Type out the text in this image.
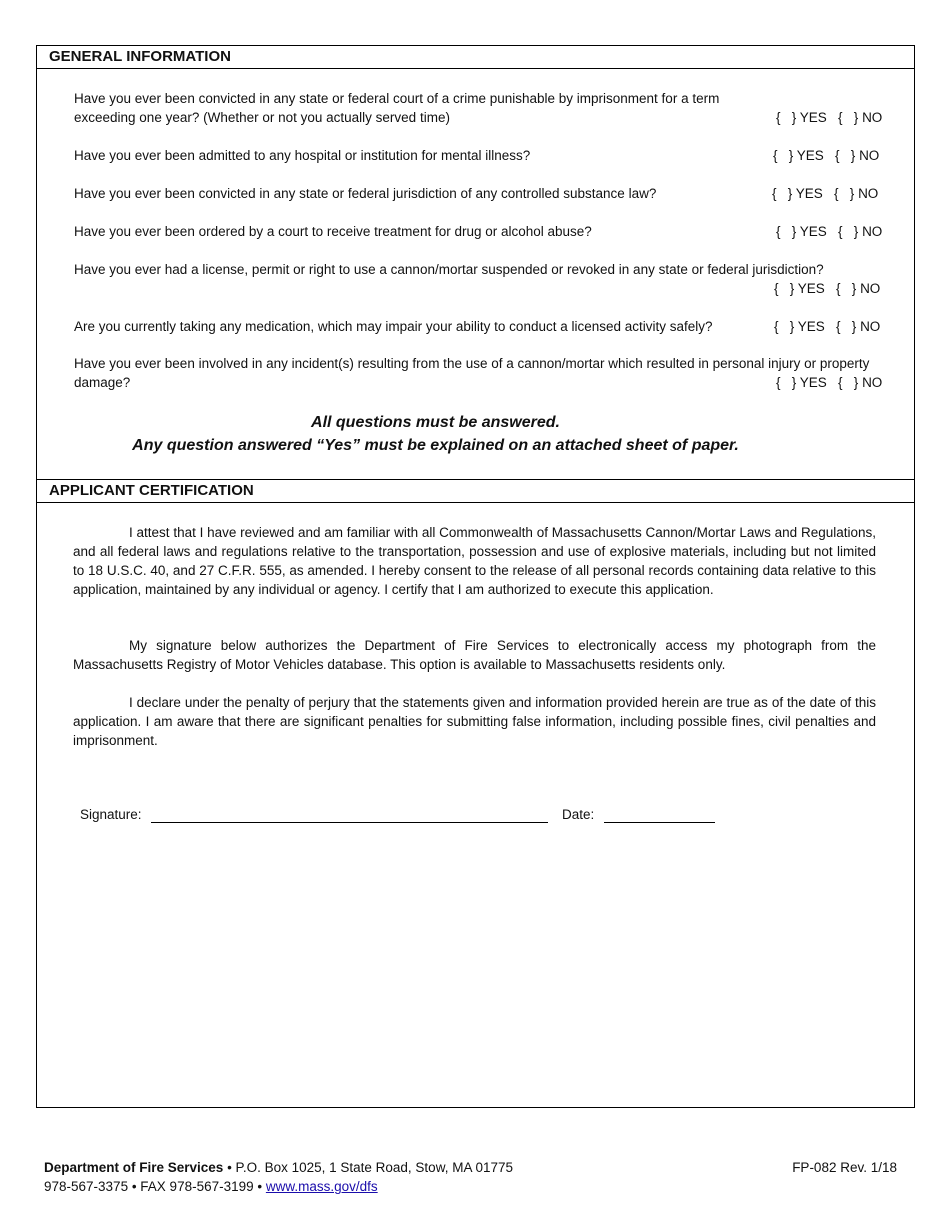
GENERAL INFORMATION
Have you ever been convicted in any state or federal court of a crime punishable by imprisonment for a term exceeding one year? (Whether or not you actually served time)	{   } YES   {   } NO
Have you ever been admitted to any hospital or institution for mental illness?	{   } YES   {   } NO
Have you ever been convicted in any state or federal jurisdiction of any controlled substance law?	{   } YES   {   } NO
Have you ever been ordered by a court to receive treatment for drug or alcohol abuse?	{   } YES   {   } NO
Have you ever had a license, permit or right to use a cannon/mortar suspended or revoked in any state or federal jurisdiction?
{   } YES   {   } NO
Are you currently taking any medication, which may impair your ability to conduct a licensed activity safely?	{   } YES   {   } NO
Have you ever been involved in any incident(s) resulting from the use of a cannon/mortar which resulted in personal injury or property damage?	{   } YES   {   } NO
All questions must be answered.
Any question answered “Yes” must be explained on an attached sheet of paper.
APPLICANT CERTIFICATION
I attest that I have reviewed and am familiar with all Commonwealth of Massachusetts Cannon/Mortar Laws and Regulations, and all federal laws and regulations relative to the transportation, possession and use of explosive materials, including but not limited to 18 U.S.C. 40, and 27 C.F.R. 555, as amended. I hereby consent to the release of all personal records containing data relative to this application, maintained by any individual or agency. I certify that I am authorized to execute this application.
My signature below authorizes the Department of Fire Services to electronically access my photograph from the Massachusetts Registry of Motor Vehicles database. This option is available to Massachusetts residents only.
I declare under the penalty of perjury that the statements given and information provided herein are true as of the date of this application. I am aware that there are significant penalties for submitting false information, including possible fines, civil penalties and imprisonment.
Signature:	Date:
Department of Fire Services • P.O. Box 1025, 1 State Road, Stow, MA 01775
978-567-3375 • FAX 978-567-3199 • www.mass.gov/dfs
FP-082 Rev. 1/18
